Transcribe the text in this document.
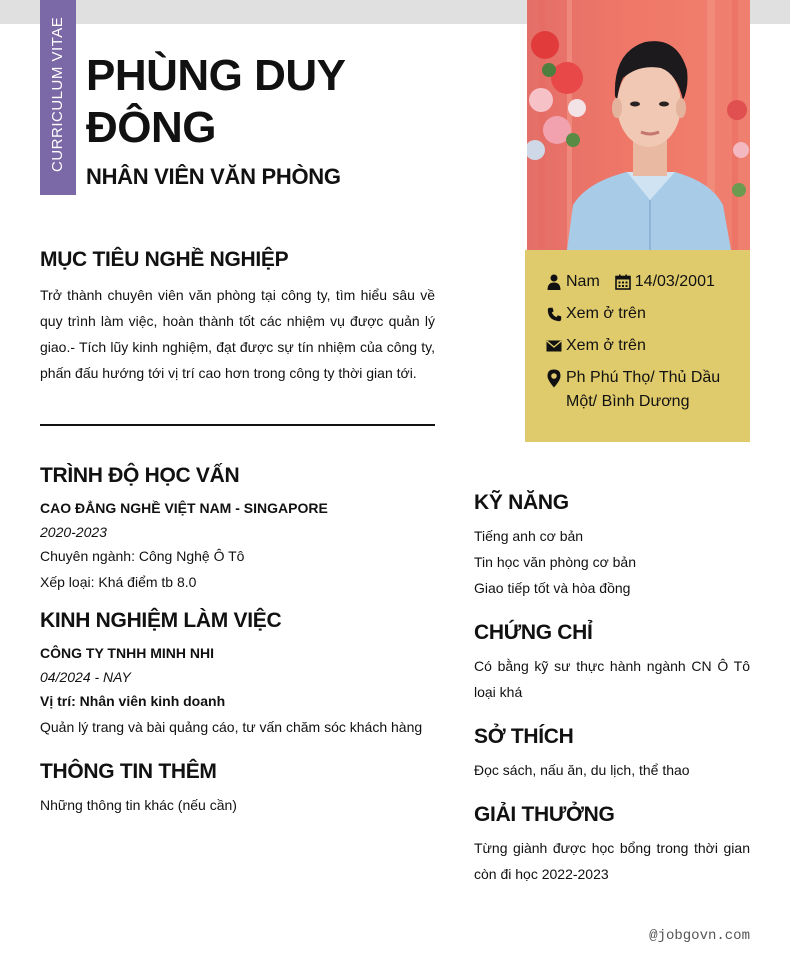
CURRICULUM VITAE PHÙNG DUY
ĐÔNG
NHÂN VIÊN VĂN PHÒNG
Nam 14/03/2001
Xem ở trên
Xem ở trên
Ph Phú Thọ/ Thủ Dầu Một/ Bình Dương
MỤC TIÊU NGHỀ NGHIỆP
Trở thành chuyên viên văn phòng tại công ty, tìm hiểu sâu về quy trình làm việc, hoàn thành tốt các nhiệm vụ được quản lý giao.- Tích lũy kinh nghiệm, đạt được sự tín nhiệm của công ty, phấn đấu hướng tới vị trí cao hơn trong công ty thời gian tới.
TRÌNH ĐỘ HỌC VẤN
CAO ĐẲNG NGHỀ VIỆT NAM - SINGAPORE
2020-2023
Chuyên ngành: Công Nghệ Ô Tô
Xếp loại: Khá điểm tb 8.0
KINH NGHIỆM LÀM VIỆC
CÔNG TY TNHH MINH NHI
04/2024 - NAY
Vị trí: Nhân viên kinh doanh
Quản lý trang và bài quảng cáo, tư vấn chăm sóc khách hàng
THÔNG TIN THÊM
Những thông tin khác (nếu cần)
KỸ NĂNG
Tiếng anh cơ bản
Tin học văn phòng cơ bản
Giao tiếp tốt và hòa đồng
CHỨNG CHỈ
Có bằng kỹ sư thực hành ngành CN Ô Tô loại khá
SỞ THÍCH
Đọc sách, nấu ăn, du lịch, thể thao
GIẢI THƯỞNG
Từng giành được học bổng trong thời gian còn đi học 2022-2023
@jobgovn.com
